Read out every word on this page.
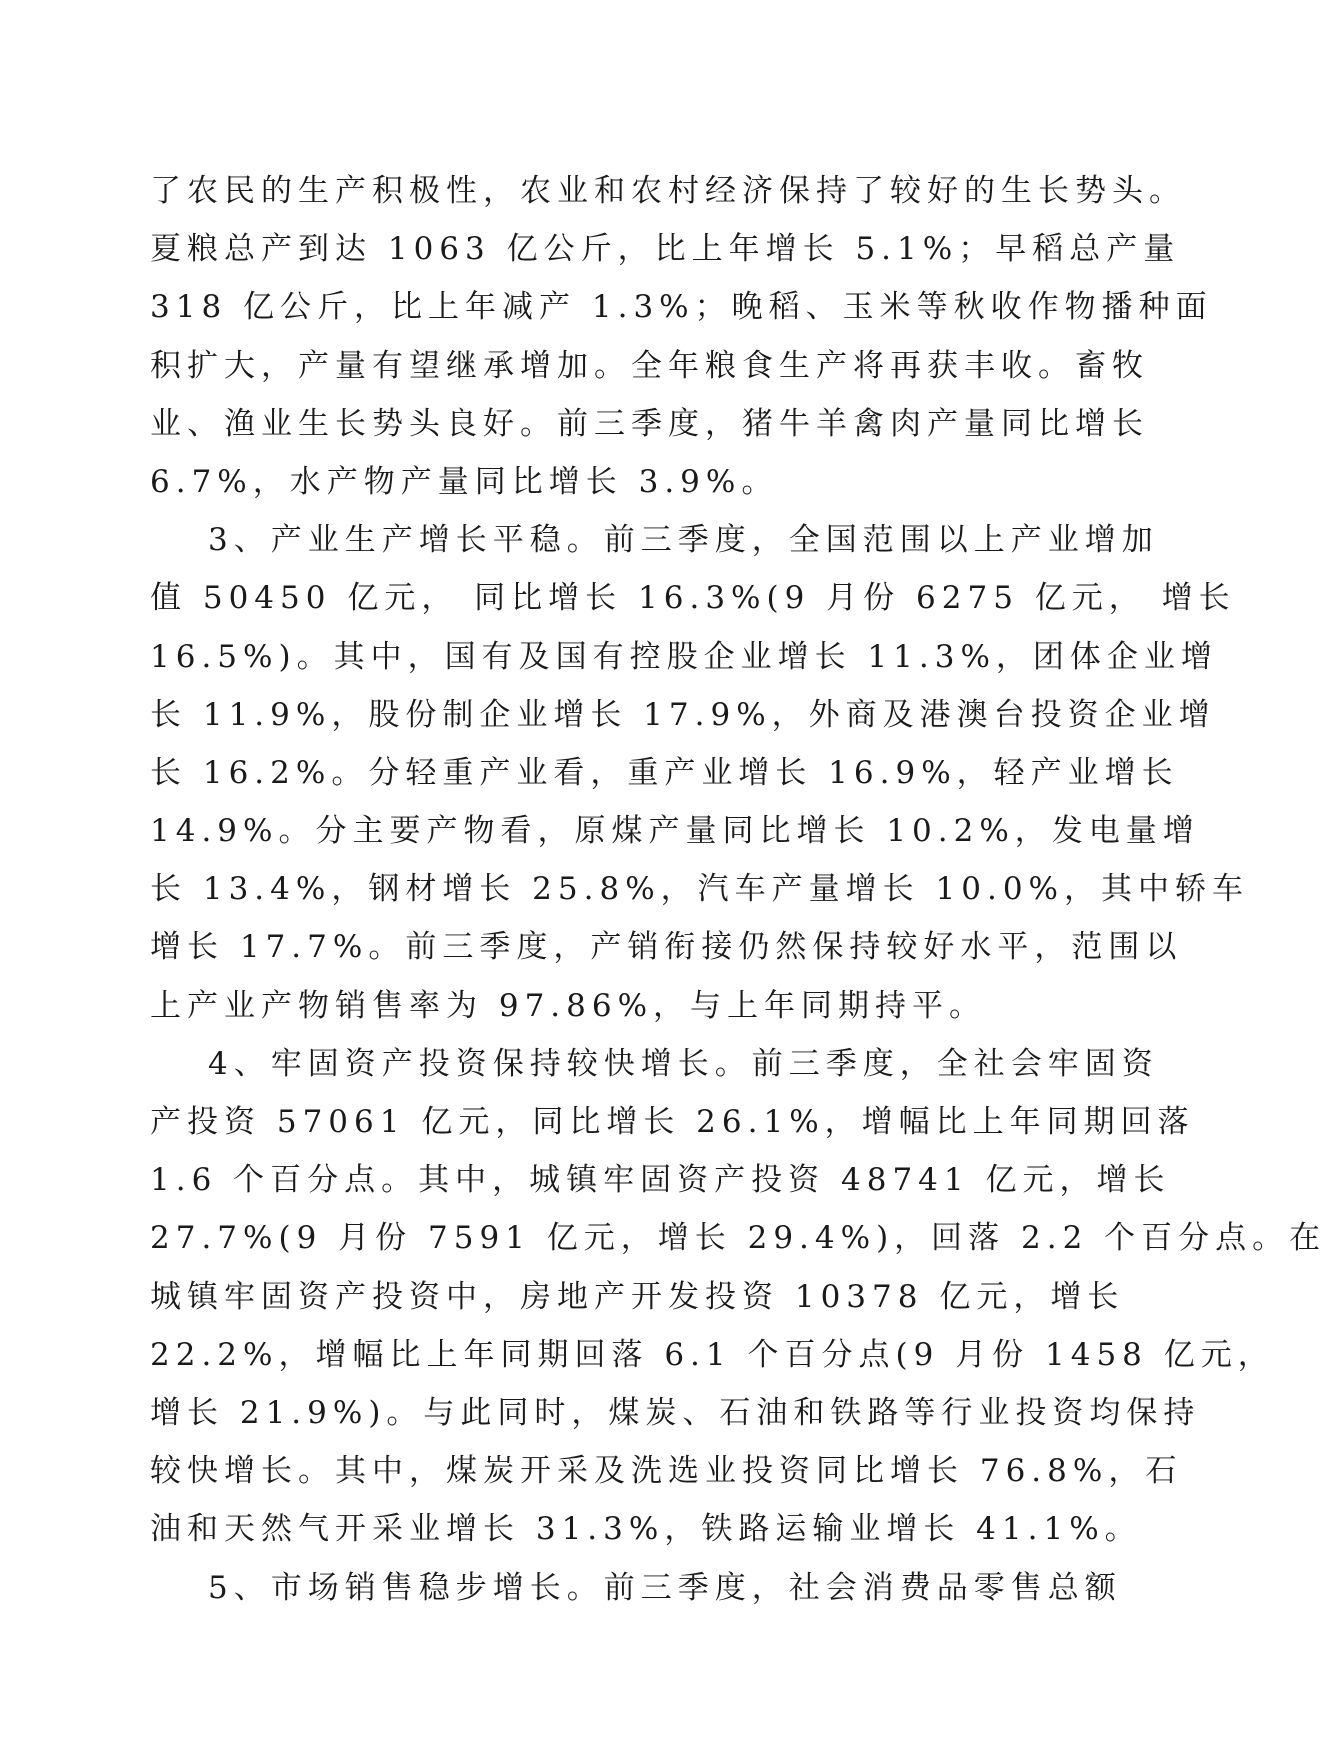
了农民的生产积极性，农业和农村经济保持了较好的生长势头。
夏粮总产到达 1063 亿公斤，比上年增长 5.1%；早稻总产量
318 亿公斤，比上年减产 1.3%；晚稻、玉米等秋收作物播种面
积扩大，产量有望继承增加。全年粮食生产将再获丰收。畜牧
业、渔业生长势头良好。前三季度，猪牛羊禽肉产量同比增长
6.7%，水产物产量同比增长 3.9%。
3、产业生产增长平稳。前三季度，全国范围以上产业增加
值 50450 亿元， 同比增长 16.3%(9 月份 6275 亿元， 增长
16.5%)。其中，国有及国有控股企业增长 11.3%，团体企业增
长 11.9%，股份制企业增长 17.9%，外商及港澳台投资企业增
长 16.2%。分轻重产业看，重产业增长 16.9%，轻产业增长
14.9%。分主要产物看，原煤产量同比增长 10.2%，发电量增
长 13.4%，钢材增长 25.8%，汽车产量增长 10.0%，其中轿车
增长 17.7%。前三季度，产销衔接仍然保持较好水平，范围以
上产业产物销售率为 97.86%，与上年同期持平。
4、牢固资产投资保持较快增长。前三季度，全社会牢固资
产投资 57061 亿元，同比增长 26.1%，增幅比上年同期回落
1.6 个百分点。其中，城镇牢固资产投资 48741 亿元，增长
27.7%(9 月份 7591 亿元，增长 29.4%)，回落 2.2 个百分点。在
城镇牢固资产投资中，房地产开发投资 10378 亿元，增长
22.2%，增幅比上年同期回落 6.1 个百分点(9 月份 1458 亿元，
增长 21.9%)。与此同时，煤炭、石油和铁路等行业投资均保持
较快增长。其中，煤炭开采及洗选业投资同比增长 76.8%，石
油和天然气开采业增长 31.3%，铁路运输业增长 41.1%。
5、市场销售稳步增长。前三季度，社会消费品零售总额
